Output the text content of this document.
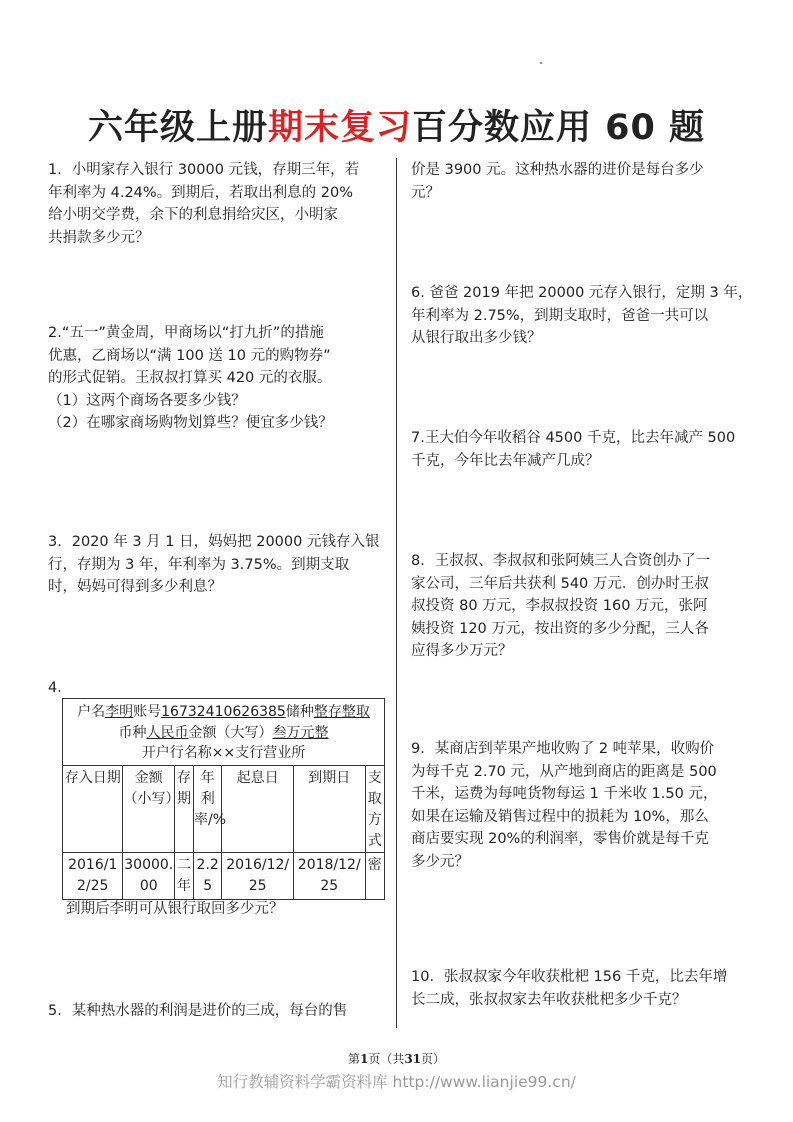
六年级上册期末复习百分数应用 60 题

1．小明家存入银行 30000 元钱，存期三年，若

年利率为 4.24%。到期后，若取出利息的 20%

给小明交学费，余下的利息捐给灾区，小明家

共捐款多少元？

2.“五一”黄金周，甲商场以“打九折”的措施

优惠，乙商场以“满 100 送 10 元的购物券”

的形式促销。王叔叔打算买 420 元的衣服。

（1）这两个商场各要多少钱？

（2）在哪家商场购物划算些？便宜多少钱？

3．2020 年 3 月 1 日，妈妈把 20000 元钱存入银

行，存期为 3 年，年利率为 3.75%。到期支取

时，妈妈可得到多少利息？

4．

户名李明账号16732410626385储种整存整取

币种人民币金额（大写）叁万元整

开户行名称××支行营业所

存入日期	金额（小写）	存期	年利率/%	起息日	到期日	支取方式
2016/12/25	30000.00	二年	2.25	2016/12/25	2018/12/25	密
到期后李明可从银行取回多少元？

5．某种热水器的利润是进价的三成，每台的售

价是 3900 元。这种热水器的进价是每台多少

元？

6. 爸爸 2019 年把 20000 元存入银行，定期 3 年，

年利率为 2.75%，到期支取时，爸爸一共可以

从银行取出多少钱？

7.王大伯今年收稻谷 4500 千克，比去年减产 500

千克，今年比去年减产几成？

8．王叔叔、李叔叔和张阿姨三人合资创办了一

家公司，三年后共获利 540 万元．创办时王叔

叔投资 80 万元，李叔叔投资 160 万元，张阿

姨投资 120 万元，按出资的多少分配，三人各

应得多少万元？

9．某商店到苹果产地收购了 2 吨苹果，收购价

为每千克 2.70 元，从产地到商店的距离是 500

千米，运费为每吨货物每运 1 千米收 1.50 元，

如果在运输及销售过程中的损耗为 10%，那么

商店要实现 20%的利润率，零售价就是每千克

多少元？

10．张叔叔家今年收获枇杷 156 千克，比去年增

长二成，张叔叔家去年收获枇杷多少千克？

第1页（共31页）
知行教辅资料学霸资料库 http://www.lianjie99.cn/
